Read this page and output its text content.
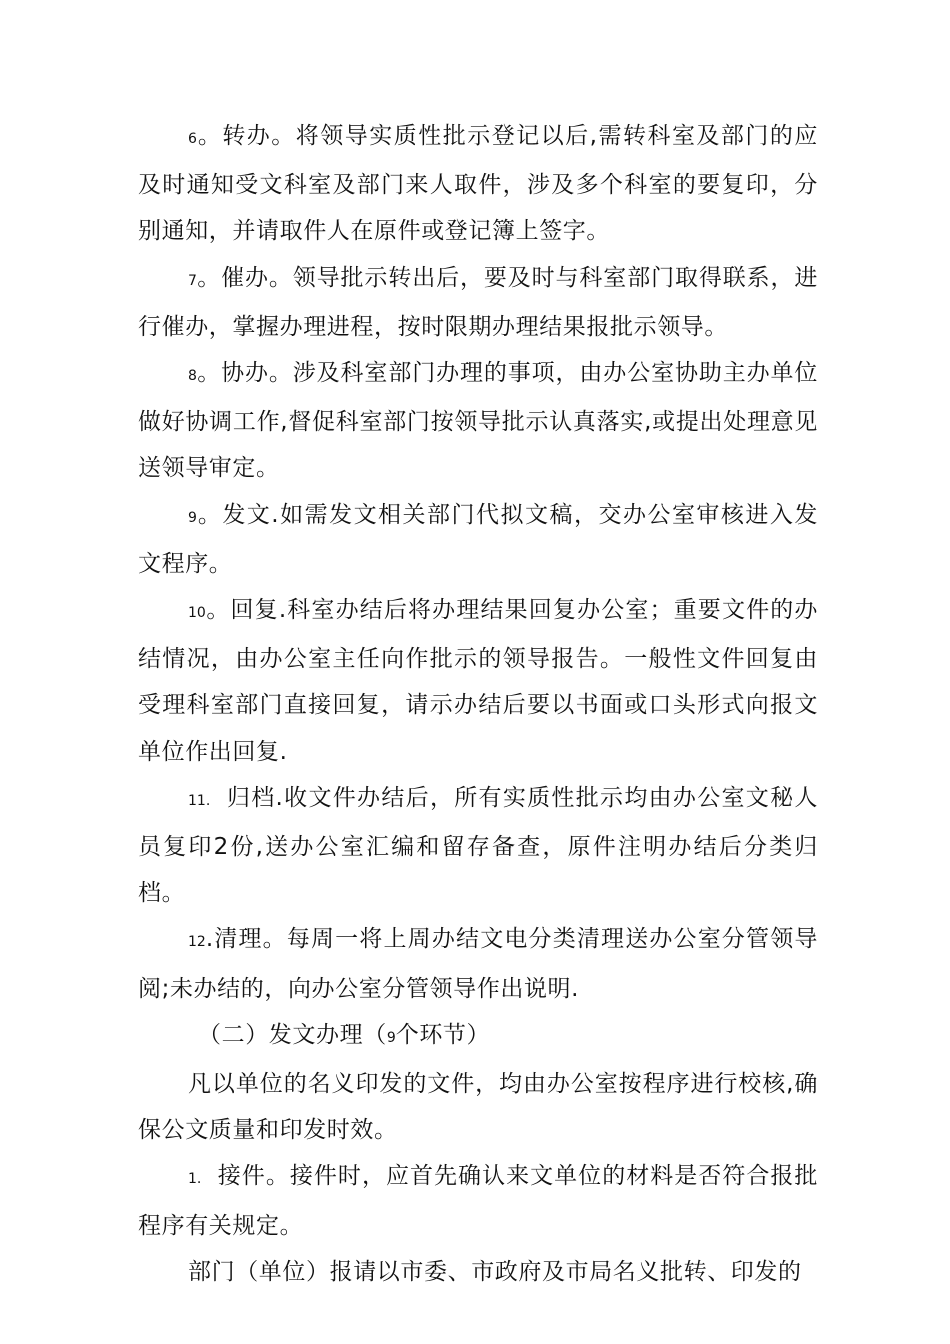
6。转办。将领导实质性批示登记以后,需转科室及部门的应及时通知受文科室及部门来人取件，涉及多个科室的要复印，分别通知，并请取件人在原件或登记簿上签字。

7。催办。领导批示转出后，要及时与科室部门取得联系，进行催办，掌握办理进程，按时限期办理结果报批示领导。

8。协办。涉及科室部门办理的事项，由办公室协助主办单位做好协调工作,督促科室部门按领导批示认真落实,或提出处理意见送领导审定。

9。发文.如需发文相关部门代拟文稿，交办公室审核进入发文程序。

10。回复.科室办结后将办理结果回复办公室；重要文件的办结情况，由办公室主任向作批示的领导报告。一般性文件回复由受理科室部门直接回复，请示办结后要以书面或口头形式向报文单位作出回复.

11. 归档.收文件办结后，所有实质性批示均由办公室文秘人员复印2份,送办公室汇编和留存备查，原件注明办结后分类归档。

12.清理。每周一将上周办结文电分类清理送办公室分管领导阅;未办结的，向办公室分管领导作出说明.

（二）发文办理（9个环节）

凡以单位的名义印发的文件，均由办公室按程序进行校核,确保公文质量和印发时效。

1. 接件。接件时，应首先确认来文单位的材料是否符合报批程序有关规定。

部门（单位）报请以市委、市政府及市局名义批转、印发的
